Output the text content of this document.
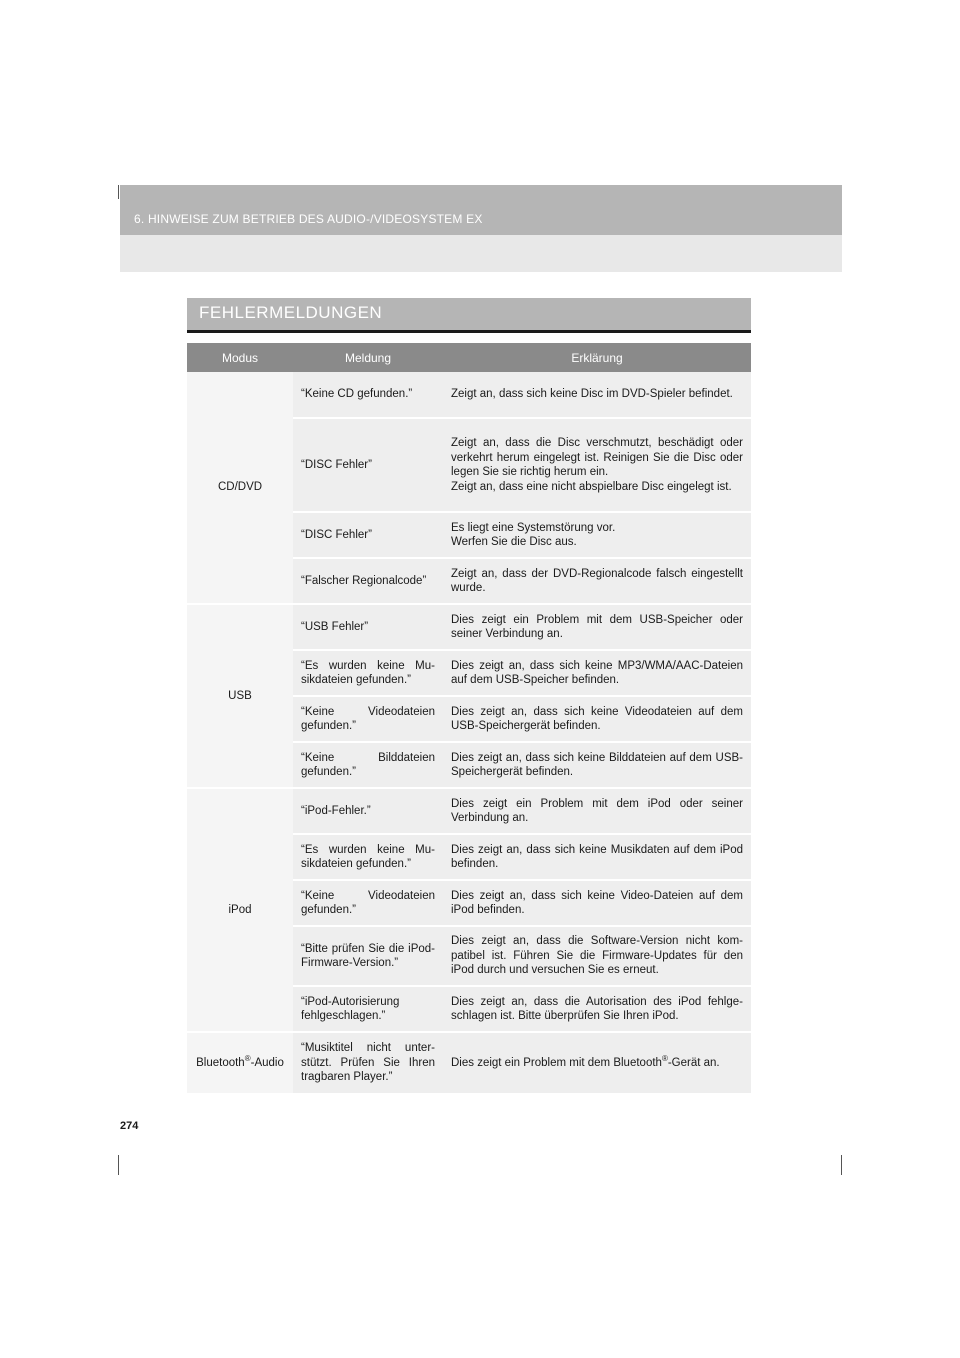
6. HINWEISE ZUM BETRIEB DES AUDIO-/VIDEOSYSTEM EX
FEHLERMELDUNGEN
Modus	Meldung	Erklärung
CD/DVD	“Keine CD gefunden.”	Zeigt an, dass sich keine Disc im DVD-Spieler befindet.
	“DISC Fehler”	Zeigt an, dass die Disc verschmutzt, beschädigt oder verkehrt herum eingelegt ist. Reinigen Sie die Disc oder legen Sie sie richtig herum ein.
Zeigt an, dass eine nicht abspielbare Disc eingelegt ist.

	“DISC Fehler”	Es liegt eine Systemstörung vor.
Werfen Sie die Disc aus.

	“Falscher Regionalcode”	Zeigt an, dass der DVD-Regionalcode falsch eingestellt wurde.
USB	“USB Fehler”	Dies zeigt ein Problem mit dem USB-Speicher oder seiner Verbindung an.
	“Es wurden keine Musikdateien gefunden.”	Dies zeigt an, dass sich keine MP3/WMA/AAC-Dateien auf dem USB-Speicher befinden.
	“Keine Videodateien gefunden.”	Dies zeigt an, dass sich keine Videodateien auf dem USB-Speichergerät befinden.
	“Keine Bilddateien gefunden.”	Dies zeigt an, dass sich keine Bilddateien auf dem USB-Speichergerät befinden.
iPod	“iPod-Fehler.”	Dies zeigt ein Problem mit dem iPod oder seiner Verbindung an.
	“Es wurden keine Musikdateien gefunden.”	Dies zeigt an, dass sich keine Musikdaten auf dem iPod befinden.
	“Keine Videodateien gefunden.”	Dies zeigt an, dass sich keine Video-Dateien auf dem iPod befinden.
	“Bitte prüfen Sie die iPod-Firmware-Version.”	Dies zeigt an, dass die Software-Version nicht kompatibel ist. Führen Sie die Firmware-Updates für den iPod durch und versuchen Sie es erneut.
	“iPod-Autorisierung fehlgeschlagen.”	Dies zeigt an, dass die Autorisation des iPod fehlgeschlagen ist. Bitte überprüfen Sie Ihren iPod.
Bluetooth®-Audio	“Musiktitel nicht unterstützt. Prüfen Sie Ihren tragbaren Player.”	Dies zeigt ein Problem mit dem Bluetooth®-Gerät an.
274
